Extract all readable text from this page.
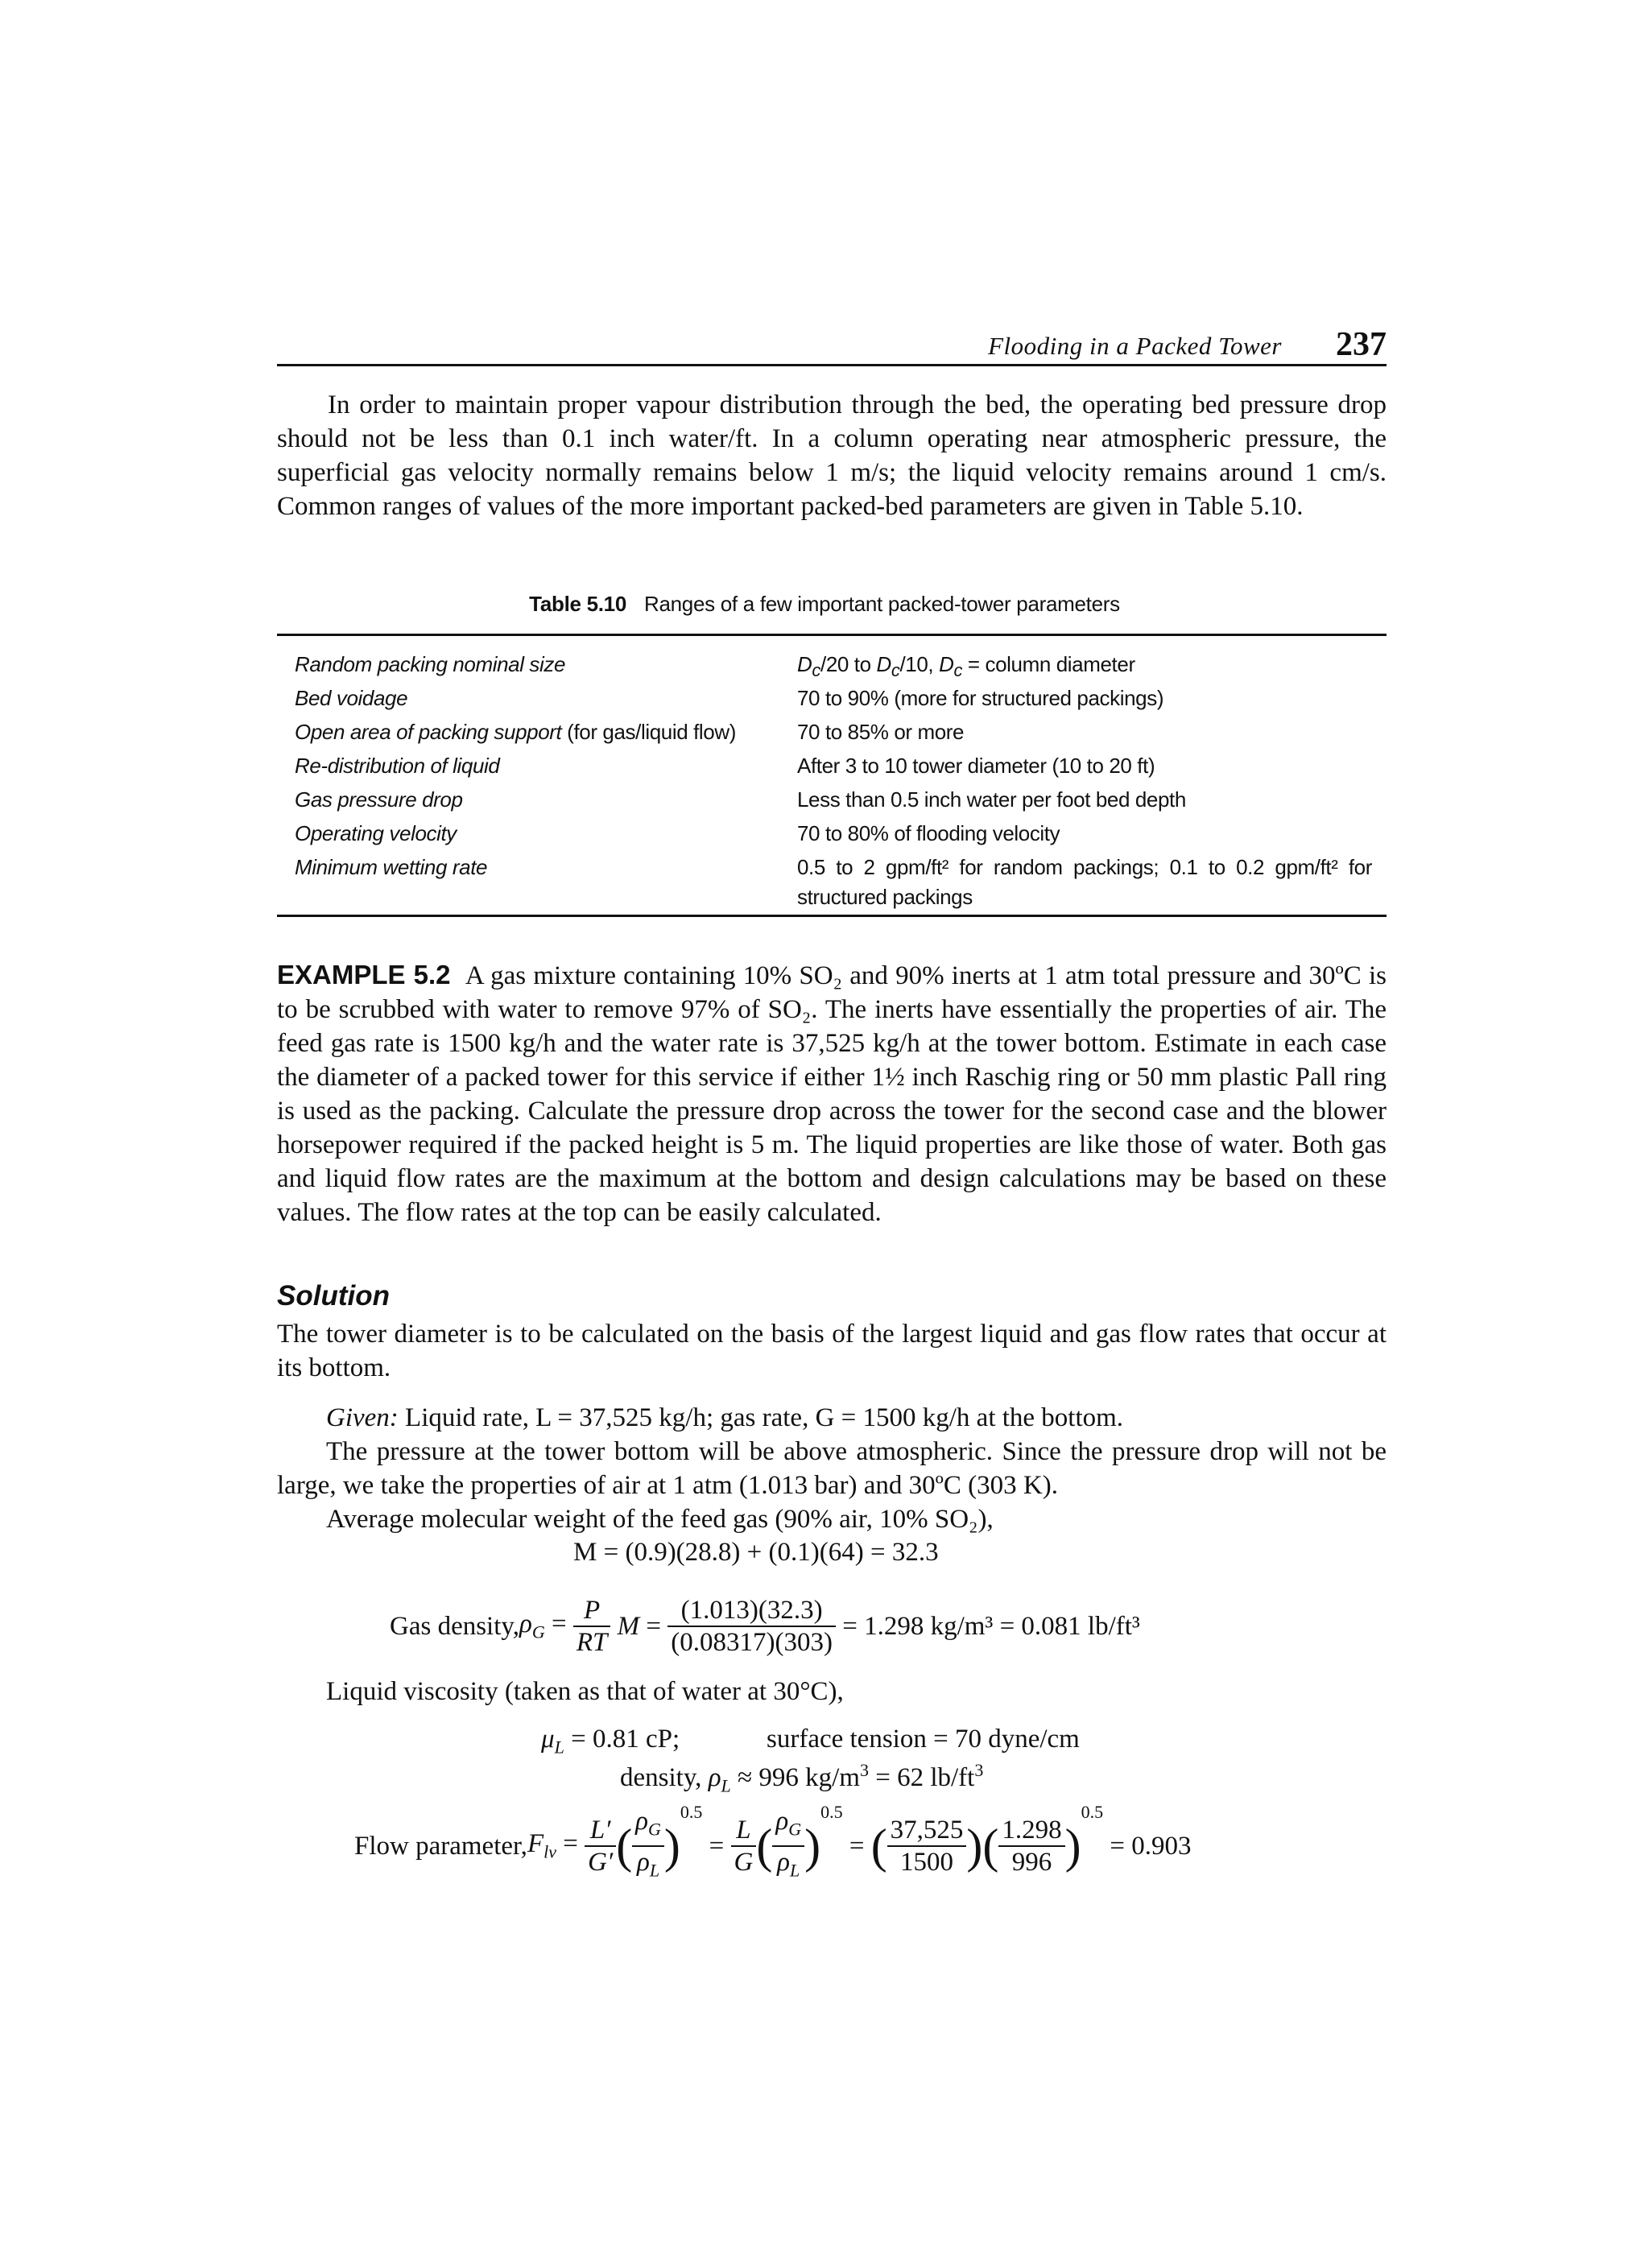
Flooding in a Packed Tower 237
In order to maintain proper vapour distribution through the bed, the operating bed pressure drop should not be less than 0.1 inch water/ft. In a column operating near atmospheric pressure, the superficial gas velocity normally remains below 1 m/s; the liquid velocity remains around 1 cm/s. Common ranges of values of the more important packed-bed parameters are given in Table 5.10.
Table 5.10 Ranges of a few important packed-tower parameters
Random packing nominal size	$D_c/20$ to $D_c/10$, $D_c$ = column diameter
Bed voidage	70 to 90% (more for structured packings)
Open area of packing support (for gas/liquid flow)	70 to 85% or more
Re-distribution of liquid	After 3 to 10 tower diameter (10 to 20 ft)
Gas pressure drop	Less than 0.5 inch water per foot bed depth
Operating velocity	70 to 80% of flooding velocity
Minimum wetting rate	0.5 to 2 gpm/ft² for random packings; 0.1 to 0.2 gpm/ft² for structured packings
EXAMPLE 5.2 A gas mixture containing 10% SO₂ and 90% inerts at 1 atm total pressure and 30ºC is to be scrubbed with water to remove 97% of SO₂. The inerts have essentially the properties of air. The feed gas rate is 1500 kg/h and the water rate is 37,525 kg/h at the tower bottom. Estimate in each case the diameter of a packed tower for this service if either 1½ inch Raschig ring or 50 mm plastic Pall ring is used as the packing. Calculate the pressure drop across the tower for the second case and the blower horsepower required if the packed height is 5 m. The liquid properties are like those of water. Both gas and liquid flow rates are the maximum at the bottom and design calculations may be based on these values. The flow rates at the top can be easily calculated.
Solution
The tower diameter is to be calculated on the basis of the largest liquid and gas flow rates that occur at its bottom.
Given: Liquid rate, L = 37,525 kg/h; gas rate, G = 1500 kg/h at the bottom.
The pressure at the tower bottom will be above atmospheric. Since the pressure drop will not be large, we take the properties of air at 1 atm (1.013 bar) and 30ºC (303 K).
Average molecular weight of the feed gas (90% air, 10% SO₂),
M = (0.9)(28.8) + (0.1)(64) = 32.3
Gas density, $\rho_G = \frac{P}{RT}$ $M = \frac{(1.013)(32.3)}{(0.08317)(303)}$
= 1.298 kg/m³ = 0.081 lb/ft³
Liquid viscosity (taken as that of water at 30°C),
$\mu_L = 0.81$ cP;	surface tension = 70 dyne/cm
density, $\rho_L \approx 996$ $kg/m^3 = 62$ $lb/ft^3$
Flow parameter, $F_{lv} = \frac{L'}{G'}$ ( $\frac{\rho_G}{\rho_L}$ )
$^{0.5}$
= $\frac{L}{G}$ ( $\frac{\rho_G}{\rho_L}$ )
$^{0.5}$
= ( $\frac{37,525}{1500}$ ) ( $\frac{1.298}{996}$ )
$^{0.5}$

= 0.903
